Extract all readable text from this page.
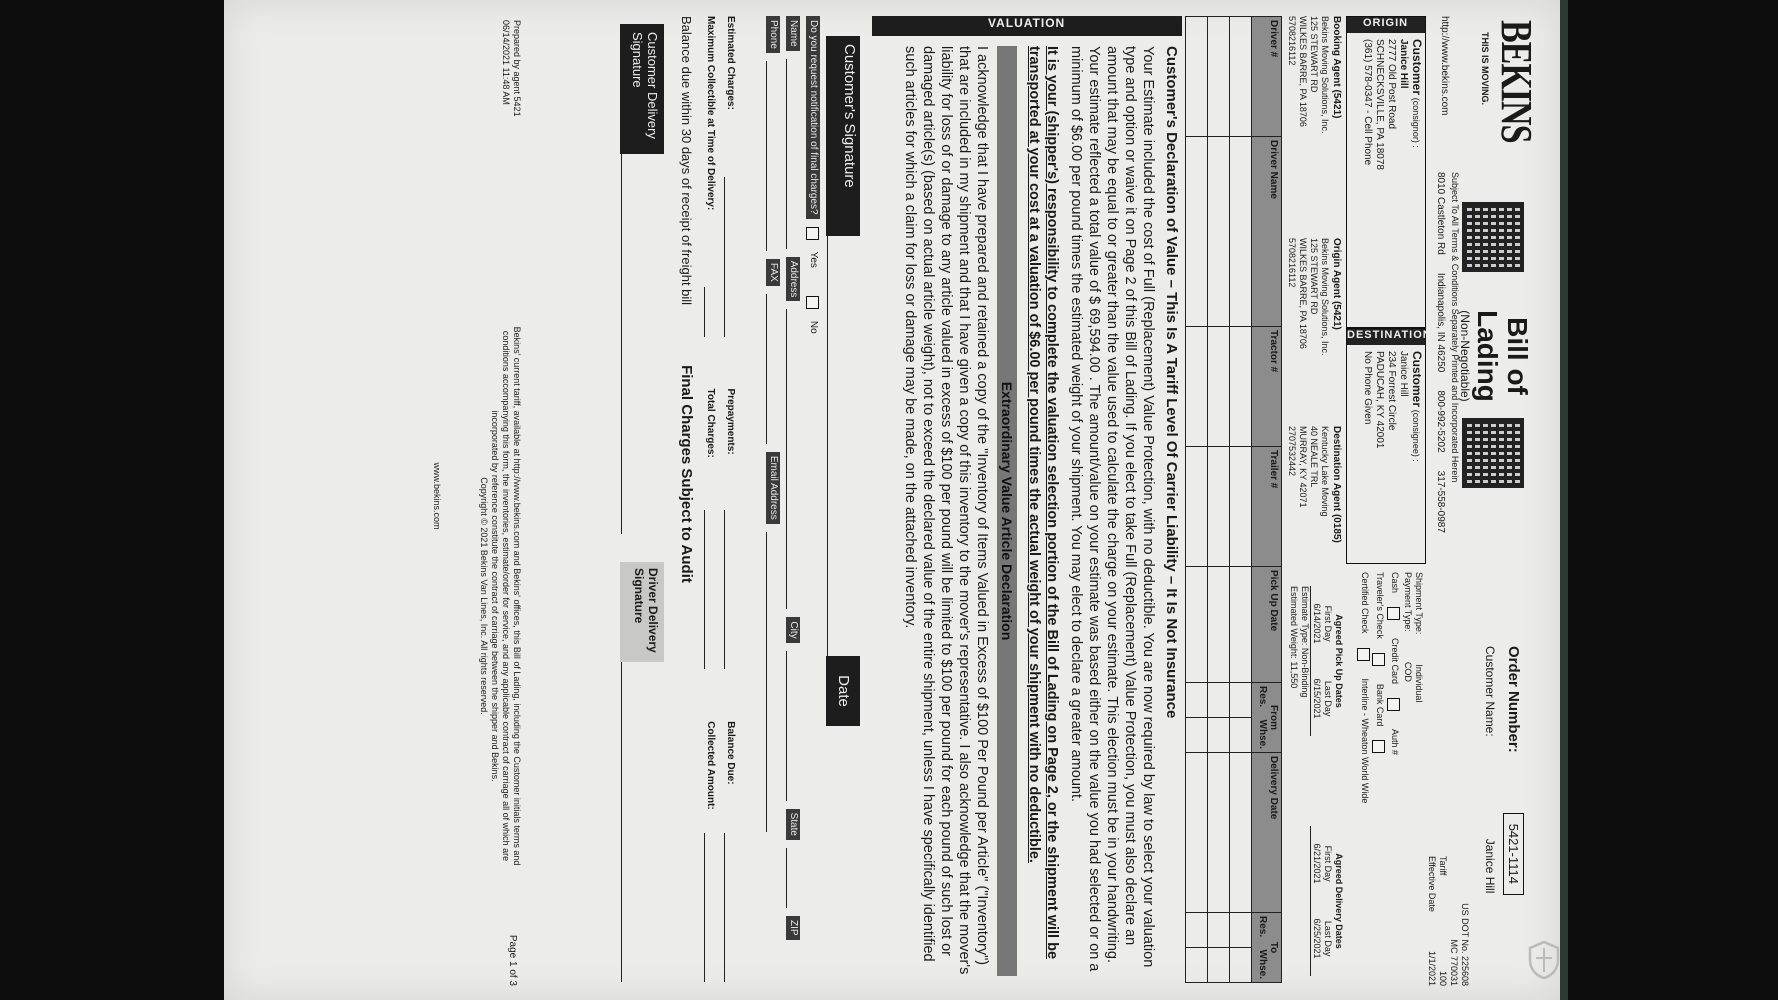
BEKINS
THIS IS MOVING.
http://www.bekins.com
Bill of Lading
(Non-Negotiable)
Subject To All Terms & Conditions Separately Printed and Incorporated Herein
8010 Castleton Rd
Indianapolis, IN 46250
800-992-5202
317-558-0987
Order Number:
5421-1114
Customer Name:
Janice Hill
US DOT No. 225608
MC 770031
Tariff
Effective Date
100
1/1/2021
ORIGIN
Customer (consignor) :
Janice Hill
2777 Old Post Road
SCHNECKSVILLE, PA 18078
(361) 578-0347 - Cell Phone
DESTINATION
Customer (consignee) :
Janice Hill
234 Forrest Circle
PADUCAH, KY 42001
No Phone Given
Shipment Type:
Individual
Payment Type:
COD
Cash
Credit Card
Auth #
Traveler's Check
Bank Card
Certified Check
Interline - Wheaton World Wide
Booking Agent (5421)
Bekins Moving Solutions, Inc.
125 STEWART RD
WILKES BARRE, PA 18706
5708216112
Origin Agent (5421)
Bekins Moving Solutions, Inc.
125 STEWART RD
WILKES BARRE, PA 18706
5708216112
Destination Agent (0185)
Kentucky Lake Moving
40 NEALE TRL
MURRAY, KY 42071
2707532442
Agreed Pick Up Dates
First Day
Last Day
6/14/2021
6/15/2021
Agreed Delivery Dates
First Day
Last Day
6/21/2021
6/25/2021
Estimate Type: Non-Binding
Estimated Weight: 11,550
Driver #
Driver Name
Tractor #
Trailer #
Pick Up Date
From
Res.
Whse.
Delivery Date
To
Res.
Whse.
VALUATION
Customer's Declaration of Value – This Is A Tariff Level Of Carrier Liability – It Is Not Insurance
Your Estimate included the cost of Full (Replacement) Value Protection, with no deductible. You are now required by law to select your valuation type and option or waive it on Page 2 of this Bill of Lading. If you elect to take Full (Replacement) Value Protection, you must also declare an amount that may be equal to or greater than the value used to calculate the charge on your estimate. This election must be in your handwriting. Your estimate reflected a total value of $ 69,594.00 . The amount/value on your estimate was based either on the value you had selected or on a minimum of $6.00 per pound times the estimated weight of your shipment. You may elect to declare a greater amount.
It is your (shipper's) responsibility to complete the valuation selection portion of the Bill of Lading on Page 2, or the shipment will be transported at your cost at a valuation of $6.00 per pound times the actual weight of your shipment with no deductible.
Extraordinary Value Article Declaration
I acknowledge that I have prepared and retained a copy of the "Inventory of Items Valued in Excess of $100 Per Pound per Article" ("Inventory") that are included in my shipment and that I have given a copy of this inventory to the mover's representative. I also acknowledge that the mover's liability for loss of or damage to any article valued in excess of $100 per pound will be limited to $100 per pound for each pound of such lost or damaged article(s) (based on actual article weight), not to exceed the declared value of the entire shipment, unless I have specifically identified such articles for which a claim for loss or damage may be made, on the attached inventory.
Customer's Signature
Date
Do you request notification of final charges?
Yes
No
Name
Address
City
State
ZIP
Phone
FAX
Email Address
Estimated Charges:
Prepayments:
Balance Due:
Maximum Collectible at Time of Delivery:
Total Charges:
Collected Amount:
Balance due within 30 days of receipt of freight bill
Final Charges Subject to Audit
Customer Delivery Signature
Driver Delivery Signature
Prepared by agent 5421
06/14/2021 11:48 AM
Bekins' current tariff, available at http://www.bekins.com and Bekins' offices, this Bill of Lading, including the Customer initials terms and conditions accompanying this form, the inventories, estimate/order for service, and any applicable contract of carriage all of which are incorporated by reference constitute the contract of carriage between the shipper and Bekins.
Copyright © 2021 Bekins Van Lines, Inc. All rights reserved.
Page 1 of 3
www.bekins.com
